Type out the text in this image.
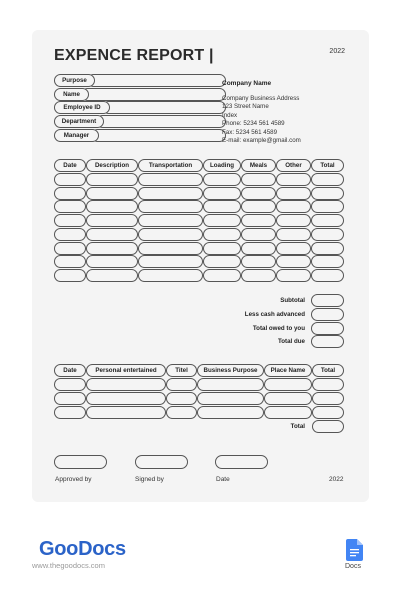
EXPENCE REPORT |	2022
Purpose
Name
Employee ID
Department
Manager
Company Name
Company Business Address
123 Street Name
Index
Phone: 5234 561 4589
Fax: 5234 561 4589
E-mail: example@gmail.com
Date	Description	Transportation	Loading	Meals	Other	Total
Subtotal
Less cash advanced
Total owed to you
Total due
Date	Personal entertained	Titel	Business Purpose	Place Name	Total
Total
Approved by	Signed by	Date	2022
GooDocs
www.thegoodocs.com	Docs
